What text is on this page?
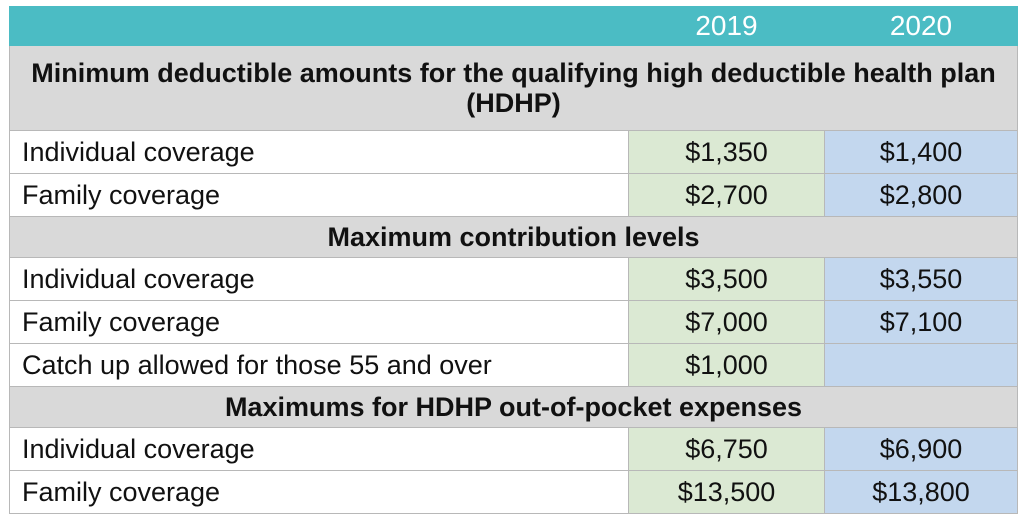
	2019	2020
Minimum deductible amounts for the qualifying high deductible health plan (HDHP)		
Individual coverage	$1,350	$1,400
Family coverage	$2,700	$2,800
Maximum contribution levels		
Individual coverage	$3,500	$3,550
Family coverage	$7,000	$7,100
Catch up allowed for those 55 and over	$1,000	
Maximums for HDHP out-of-pocket expenses		
Individual coverage	$6,750	$6,900
Family coverage	$13,500	$13,800
